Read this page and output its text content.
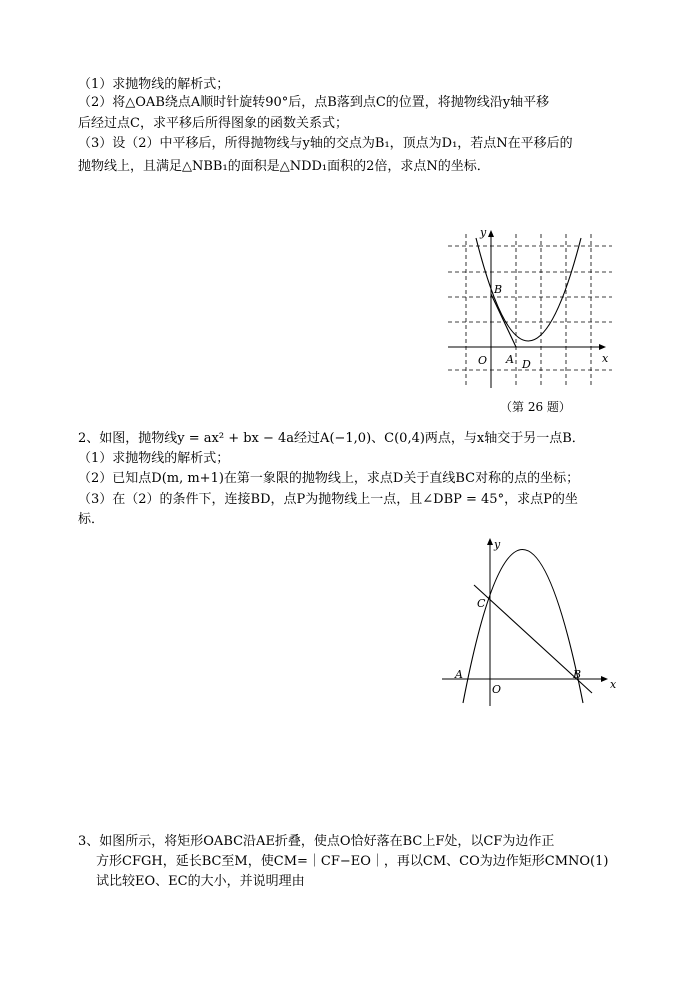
（1）求抛物线的解析式；
（2）将△OAB绕点A顺时针旋转90°后，点B落到点C的位置，将抛物线沿y轴平移
后经过点C，求平移后所得图象的函数关系式；
（3）设（2）中平移后，所得抛物线与y轴的交点为B₁，顶点为D₁，若点N在平移后的
抛物线上，且满足△NBB₁的面积是△NDD₁面积的2倍，求点N的坐标．
y
x
B
O A D
（第 26 题）
2、如图，抛物线y = ax² + bx − 4a经过A(−1,0)、C(0,4)两点，与x轴交于另一点B．
（1）求抛物线的解析式；
（2）已知点D(m, m+1)在第一象限的抛物线上，求点D关于直线BC对称的点的坐标；
（3）在（2）的条件下，连接BD，点P为抛物线上一点，且∠DBP = 45°，求点P的坐
标．
y
x
C
A
O
B
3、如图所示，将矩形OABC沿AE折叠，使点O恰好落在BC上F处，以CF为边作正
方形CFGH，延长BC至M，使CM=｜CF−EO｜，再以CM、CO为边作矩形CMNO(1)
试比较EO、EC的大小，并说明理由
